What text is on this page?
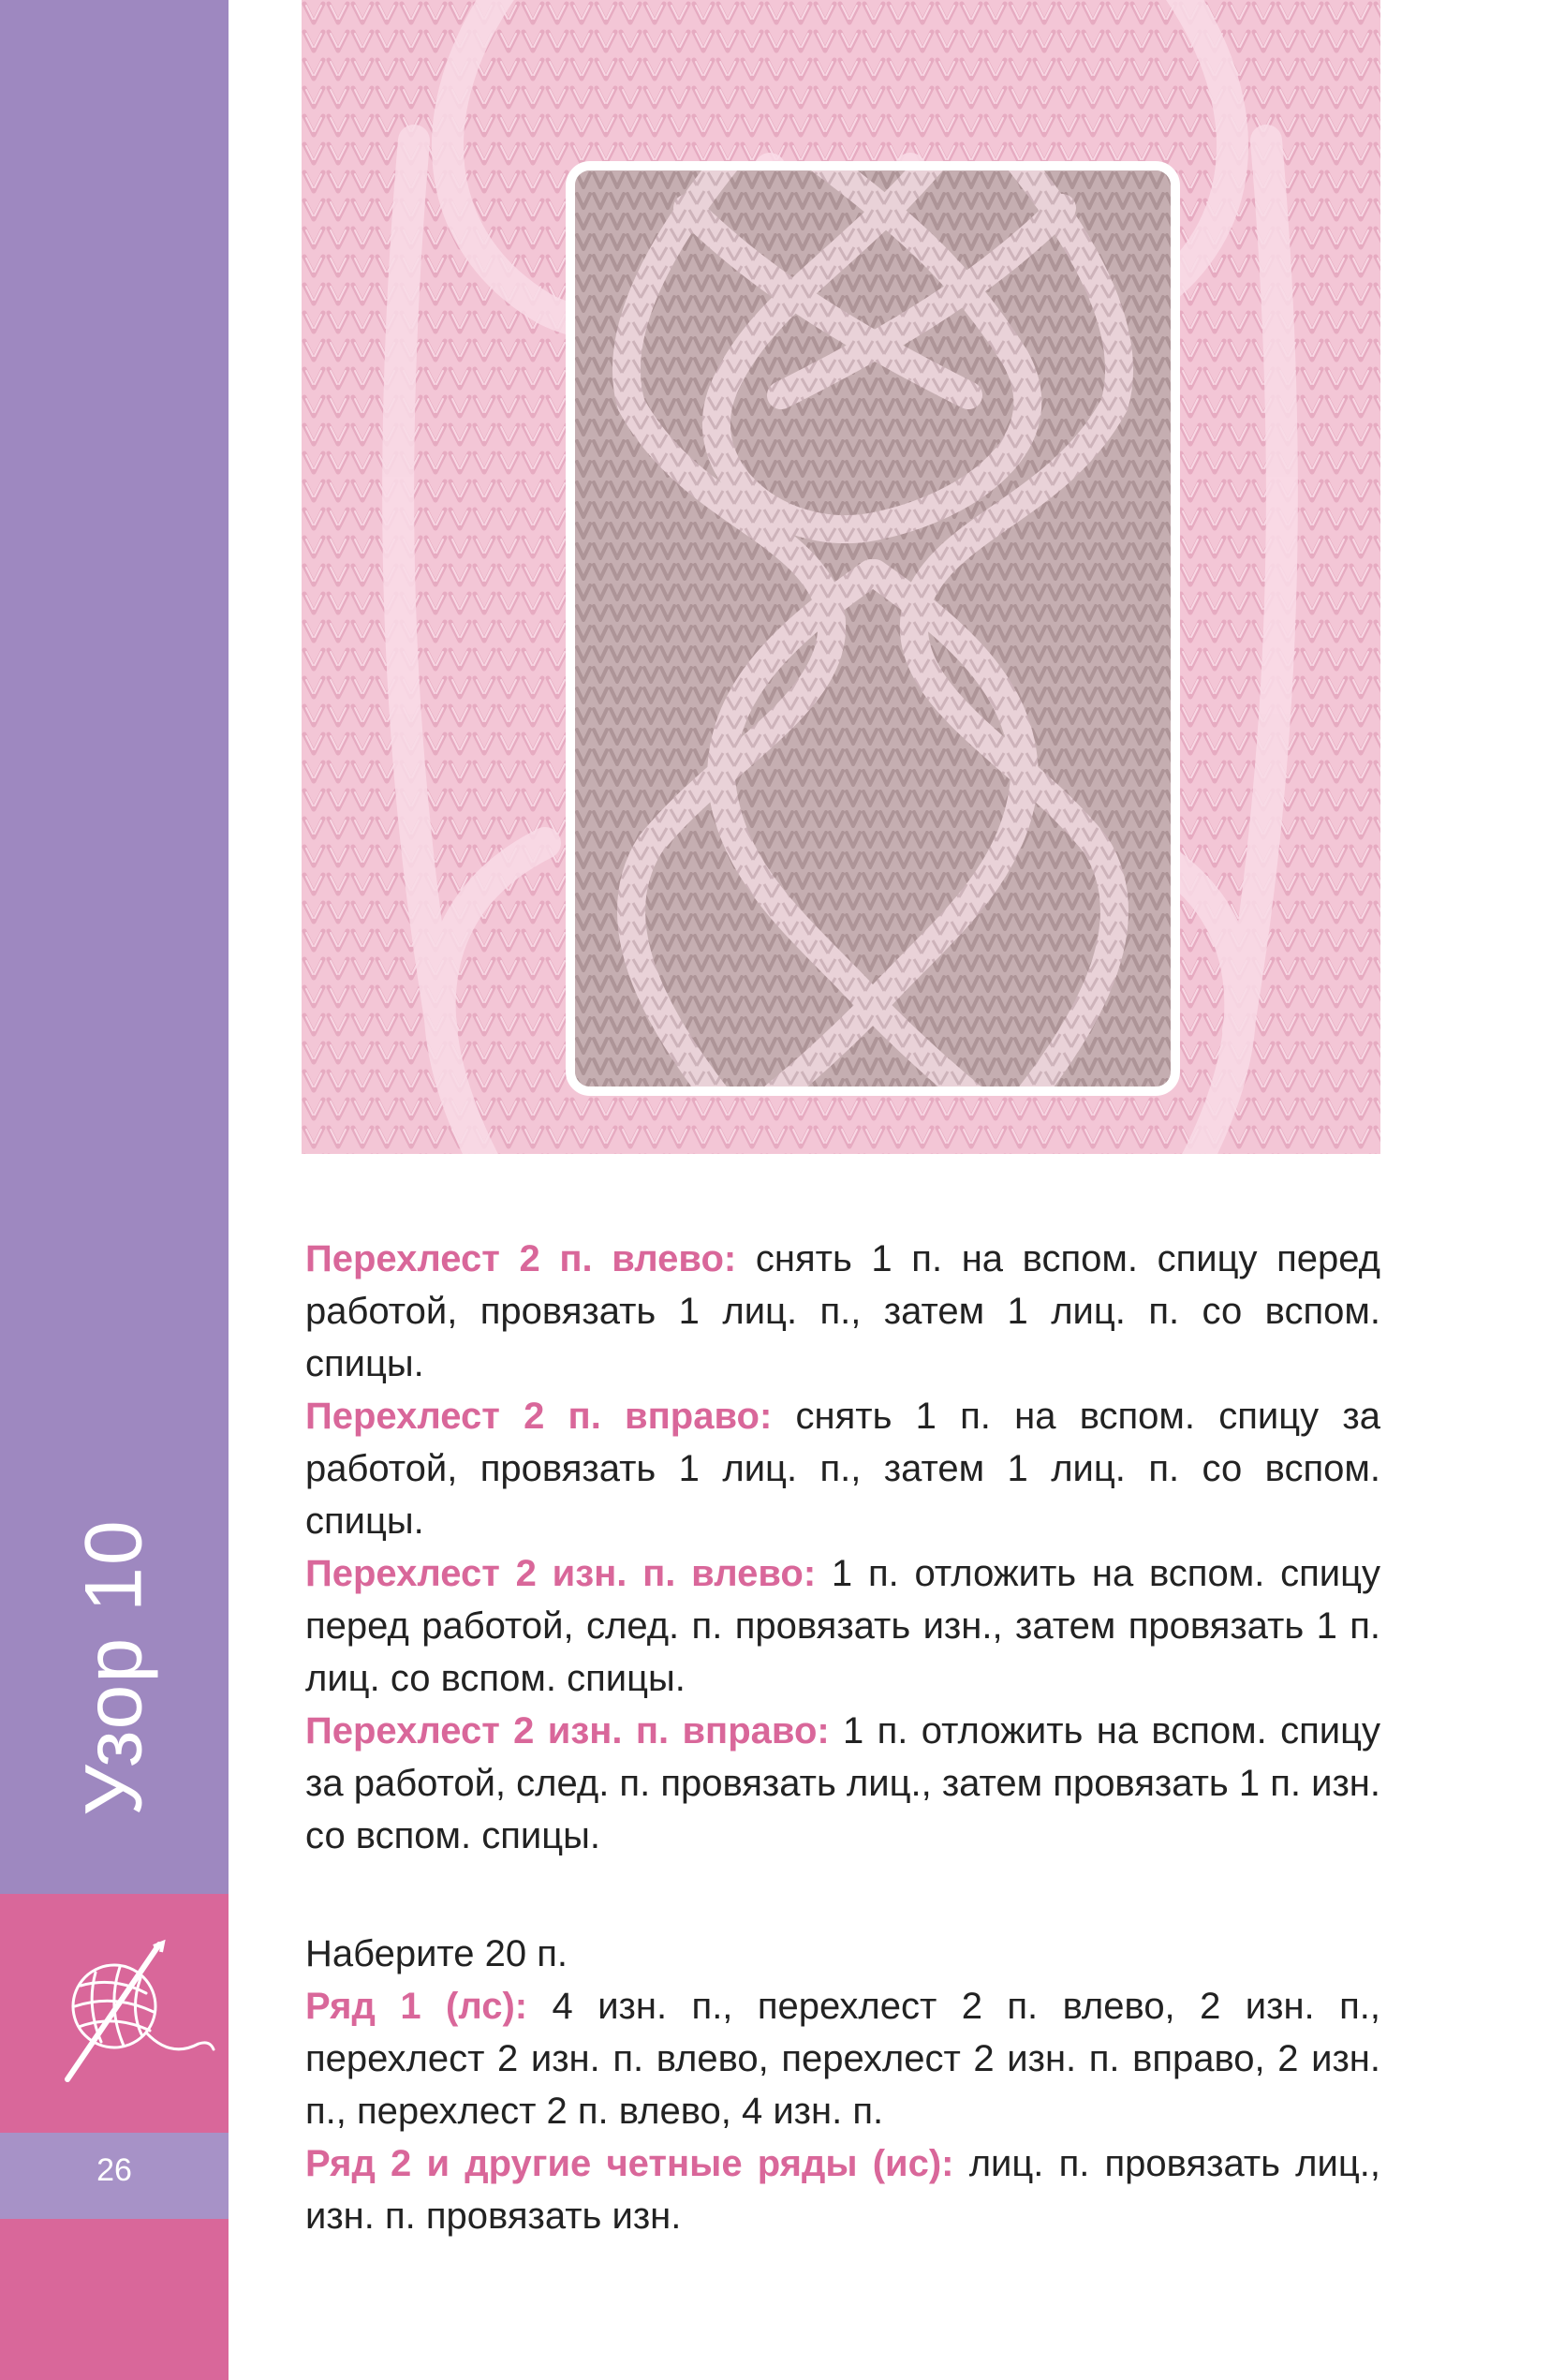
Узор 10
26

Перехлест 2 п. влево: снять 1 п. на вспом. спицу перед работой, провязать 1 лиц. п., затем 1 лиц. п. со вспом. спицы.

Перехлест 2 п. вправо: снять 1 п. на вспом. спицу за работой, провязать 1 лиц. п., затем 1 лиц. п. со вспом. спицы.

Перехлест 2 изн. п. влево: 1 п. отложить на вспом. спицу перед работой, след. п. провязать изн., затем провязать 1 п. лиц. со вспом. спицы.

Перехлест 2 изн. п. вправо: 1 п. отложить на вспом. спицу за работой, след. п. провязать лиц., затем провязать 1 п. изн. со вспом. спицы.

Наберите 20 п.

Ряд 1 (лс): 4 изн. п., перехлест 2 п. влево, 2 изн. п., перехлест 2 изн. п. влево, перехлест 2 изн. п. вправо, 2 изн. п., перехлест 2 п. влево, 4 изн. п.

Ряд 2 и другие четные ряды (ис): лиц. п. провязать лиц., изн. п. провязать изн.
